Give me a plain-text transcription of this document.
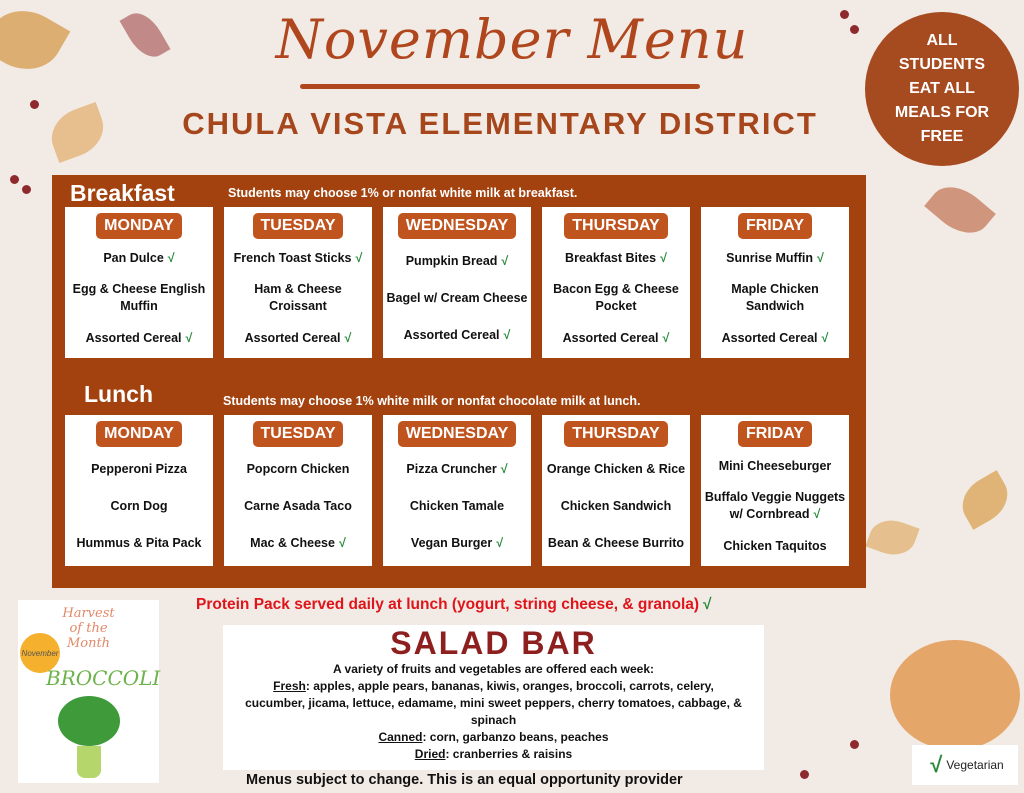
November Menu
CHULA VISTA ELEMENTARY DISTRICT
ALL STUDENTS EAT ALL MEALS FOR FREE
Breakfast	Students may choose 1% or nonfat white milk at breakfast.
MONDAY
Pan Dulce √
Egg & Cheese English Muffin
Assorted Cereal √
TUESDAY
French Toast Sticks √
Ham & Cheese Croissant
Assorted Cereal √
WEDNESDAY
Pumpkin Bread √
Bagel w/ Cream Cheese
Assorted Cereal √
THURSDAY
Breakfast Bites √
Bacon Egg & Cheese Pocket
Assorted Cereal √
FRIDAY
Sunrise Muffin √
Maple Chicken Sandwich
Assorted Cereal √
Lunch	Students may choose 1% white milk or nonfat chocolate milk at lunch.
MONDAY
Pepperoni Pizza
Corn Dog
Hummus & Pita Pack
TUESDAY
Popcorn Chicken
Carne Asada Taco
Mac & Cheese √
WEDNESDAY
Pizza Cruncher √
Chicken Tamale
Vegan Burger √
THURSDAY
Orange Chicken & Rice
Chicken Sandwich
Bean & Cheese Burrito
FRIDAY
Mini Cheeseburger
Buffalo Veggie Nuggets w/ Cornbread √
Chicken Taquitos
Protein Pack served daily at lunch (yogurt, string cheese, & granola) √
Harvest of the Month
November
BROCCOLI
SALAD BAR

A variety of fruits and vegetables are offered each week:

Fresh: apples, apple pears, bananas, kiwis, oranges, broccoli, carrots, celery, cucumber, jicama, lettuce, edamame, mini sweet peppers, cherry tomatoes, cabbage, & spinach

Canned: corn, garbanzo beans, peaches

Dried: cranberries & raisins

Menus subject to change. This is an equal opportunity provider
√ Vegetarian
